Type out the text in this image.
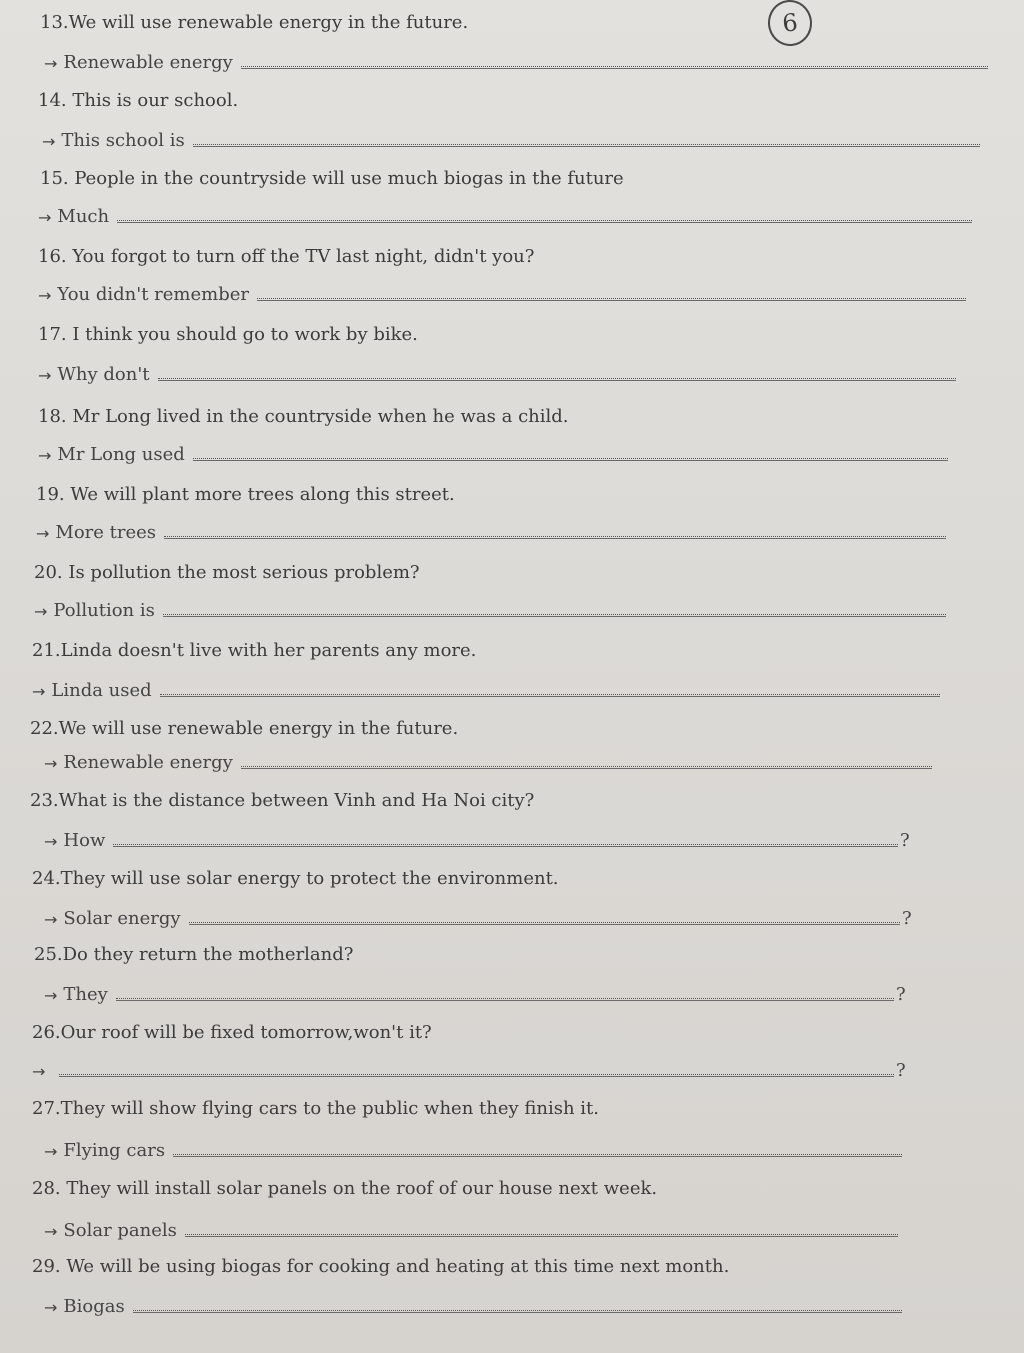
6
13.We will use renewable energy in the future.
→ Renewable energy
14. This is our school.
→ This school is
15. People in the countryside will use much biogas in the future
→ Much
16. You forgot to turn off the TV last night, didn't you?
→ You didn't remember
17. I think you should go to work by bike.
→ Why don't
18. Mr Long lived in the countryside when he was a child.
→ Mr Long used
19. We will plant more trees along this street.
→ More trees
20. Is pollution the most serious problem?
→ Pollution is
21.Linda doesn't live with her parents any more.
→ Linda used
22.We will use renewable energy in the future.
→ Renewable energy
23.What is the distance between Vinh and Ha Noi city?
→ How	?
24.They will use solar energy to protect the environment.
→ Solar energy	?
25.Do they return the motherland?
→ They	?
26.Our roof will be fixed tomorrow,won't it?
→	?
27.They will show flying cars to the public when they finish it.
→ Flying cars
28. They will install solar panels on the roof of our house next week.
→ Solar panels
29. We will be using biogas for cooking and heating at this time next month.
→ Biogas
